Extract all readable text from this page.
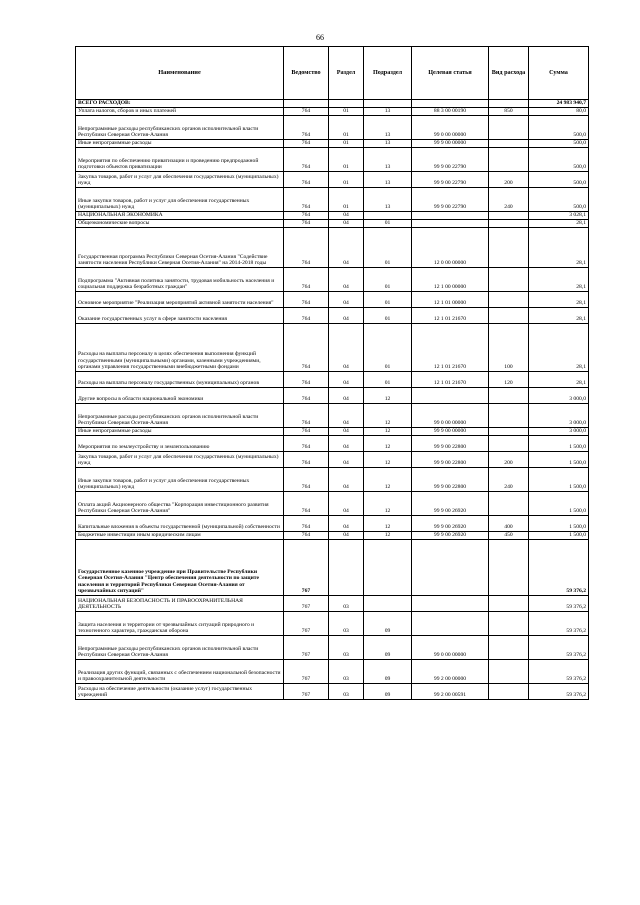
66
Наименование	Ведомство	Раздел	Подраздел	Целевая статья	Вид расхода	Сумма
ВСЕГО РАСХОДОВ:						24 983 940,7
Уплата налогов, сборов и иных платежей	764	01	13	88 3 00 00190	850	80,0
Непрограммные расходы республиканских органов исполнительной власти Республики Северная Осетия-Алания	764	01	13	99 0 00 00000		500,0
Иные непрограммные расходы	764	01	13	99 9 00 00000		500,0
Мероприятия по обеспечению приватизации и проведению предпродажной подготовки объектов приватизации	764	01	13	99 9 00 22790		500,0
Закупка товаров, работ и услуг для обеспечения государственных (муниципальных) нужд	764	01	13	99 9 00 22790	200	500,0
Иные закупки товаров, работ и услуг для обеспечения государственных (муниципальных) нужд	764	01	13	99 9 00 22790	240	500,0
НАЦИОНАЛЬНАЯ ЭКОНОМИКА	764	04				3 028,1
Общеэкономические вопросы	764	04	01			28,1
Государственная программа Республики Северная Осетия-Алания "Содействие занятости населения Республики Северная Осетия-Алания" на 2014-2018 годы	764	04	01	12 0 00 00000		28,1
Подпрограмма "Активная политика занятости, трудовая мобильность населения и социальная поддержка безработных граждан"	764	04	01	12 1 00 00000		28,1
Основное мероприятие "Реализация мероприятий активной занятости населения"	764	04	01	12 1 01 00000		28,1
Оказание государственных услуг в сфере занятости населения	764	04	01	12 1 01 21670		28,1
Расходы на выплаты персоналу в целях обеспечения выполнения функций государственными (муниципальными) органами, казенными учреждениями, органами управления государственными внебюджетными фондами	764	04	01	12 1 01 21670	100	28,1
Расходы на выплаты персоналу государственных (муниципальных) органов	764	04	01	12 1 01 21670	120	28,1
Другие вопросы в области национальной экономики	764	04	12			3 000,0
Непрограммные расходы республиканских органов исполнительной власти Республики Северная Осетия-Алания	764	04	12	99 0 00 00000		3 000,0
Иные непрограммные расходы	764	04	12	99 9 00 00000		3 000,0
Мероприятия по землеустройству и землепользованию	764	04	12	99 9 00 22800		1 500,0
Закупка товаров, работ и услуг для обеспечения государственных (муниципальных) нужд	764	04	12	99 9 00 22800	200	1 500,0
Иные закупки товаров, работ и услуг для обеспечения государственных (муниципальных) нужд	764	04	12	99 9 00 22800	240	1 500,0
Оплата акций Акционерного общества "Корпорация инвестиционного развития Республики Северная Осетия-Алания"	764	04	12	99 9 00 26920		1 500,0
Капитальные вложения в объекты государственной (муниципальной) собственности	764	04	12	99 9 00 26920	400	1 500,0
Бюджетные инвестиции иным юридическим лицам	764	04	12	99 9 00 26920	450	1 500,0
Государственное казенное учреждение при Правительстве Республики Северная Осетия-Алания "Центр обеспечения деятельности по защите населения и территорий Республики Северная Осетия-Алания от чрезвычайных ситуаций"	767					59 376,2
НАЦИОНАЛЬНАЯ БЕЗОПАСНОСТЬ И ПРАВООХРАНИТЕЛЬНАЯ ДЕЯТЕЛЬНОСТЬ	767	03				59 376,2
Защита населения и территории от чрезвычайных ситуаций природного и техногенного характера, гражданская оборона	767	03	09			59 376,2
Непрограммные расходы республиканских органов исполнительной власти Республики Северная Осетия-Алания	767	03	09	99 0 00 00000		59 376,2
Реализация других функций, связанных с обеспечением национальной безопасности и правоохранительной деятельности	767	03	09	99 2 00 00000		59 376,2
Расходы на обеспечение деятельности (оказание услуг) государственных учреждений	767	03	09	99 2 00 00591		59 376,2
